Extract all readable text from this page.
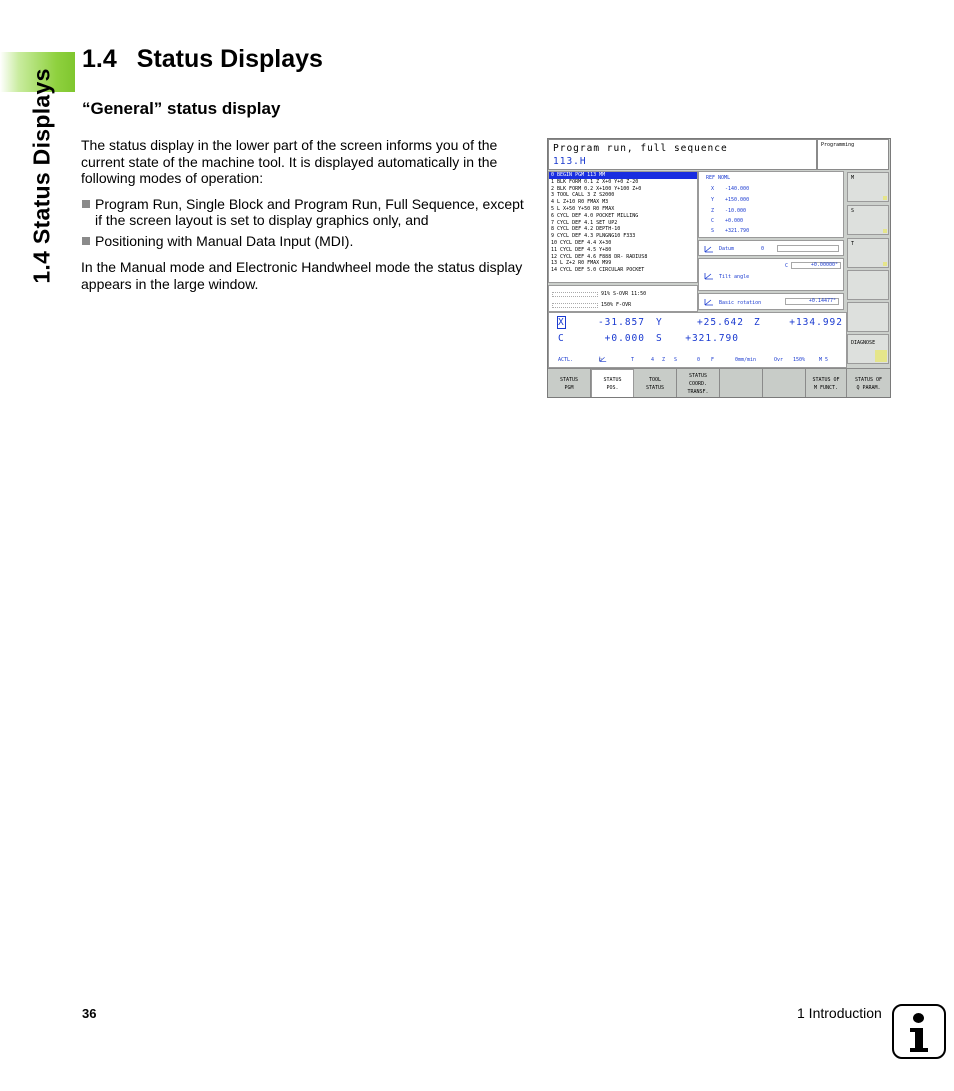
1.4 Status Displays
1.4 Status Displays
“General” status display

The status display in the lower part of the screen informs you of the current state of the machine tool. It is displayed automatically in the following modes of operation:

Program Run, Single Block and Program Run, Full Sequence, except if the screen layout is set to display graphics only, and
Positioning with Manual Data Input (MDI).

In the Manual mode and Electronic Handwheel mode the status display appears in the large window.

Program run, full sequence
113.H
Programming
0 BEGIN PGM 113 MM
1 BLK FORM 0.1 Z X+0 Y+0 Z-20
2 BLK FORM 0.2 X+100 Y+100 Z+0
3 TOOL CALL 3 Z S2000
4 L Z+10 R0 FMAX M3
5 L X+50 Y+50 R0 FMAX
6 CYCL DEF 4.0 POCKET MILLING
7 CYCL DEF 4.1 SET UP2
8 CYCL DEF 4.2 DEPTH-10
9 CYCL DEF 4.3 PLNGNG10 F333
10 CYCL DEF 4.4 X+30
11 CYCL DEF 4.5 Y+80
12 CYCL DEF 4.6 F888 DR- RADIUS8
13 L Z+2 R0 FMAX M99
14 CYCL DEF 5.0 CIRCULAR POCKET
91% S-OVR 11:50
150% F-OVR
REF NOML
X -140.000
Y +150.000
Z -10.000
C +0.000
S +321.790
Datum	0
Tilt angle
C	+0.00000°
Basic rotation	+0.14477°
X	-31.857 Y	+25.642 Z	+134.992
C	+0.000 S	+321.790
ACTL.	□	T	4 Z S	0 F	0mm/min	Ovr 150%	M 5
M
S
T
DIAGNOSE
STATUS
PGM
STATUS
POS.
TOOL
STATUS
STATUS
COORD.
TRANSF.
STATUS OF
M FUNCT.
STATUS OF
Q PARAM.
36	1 Introduction
